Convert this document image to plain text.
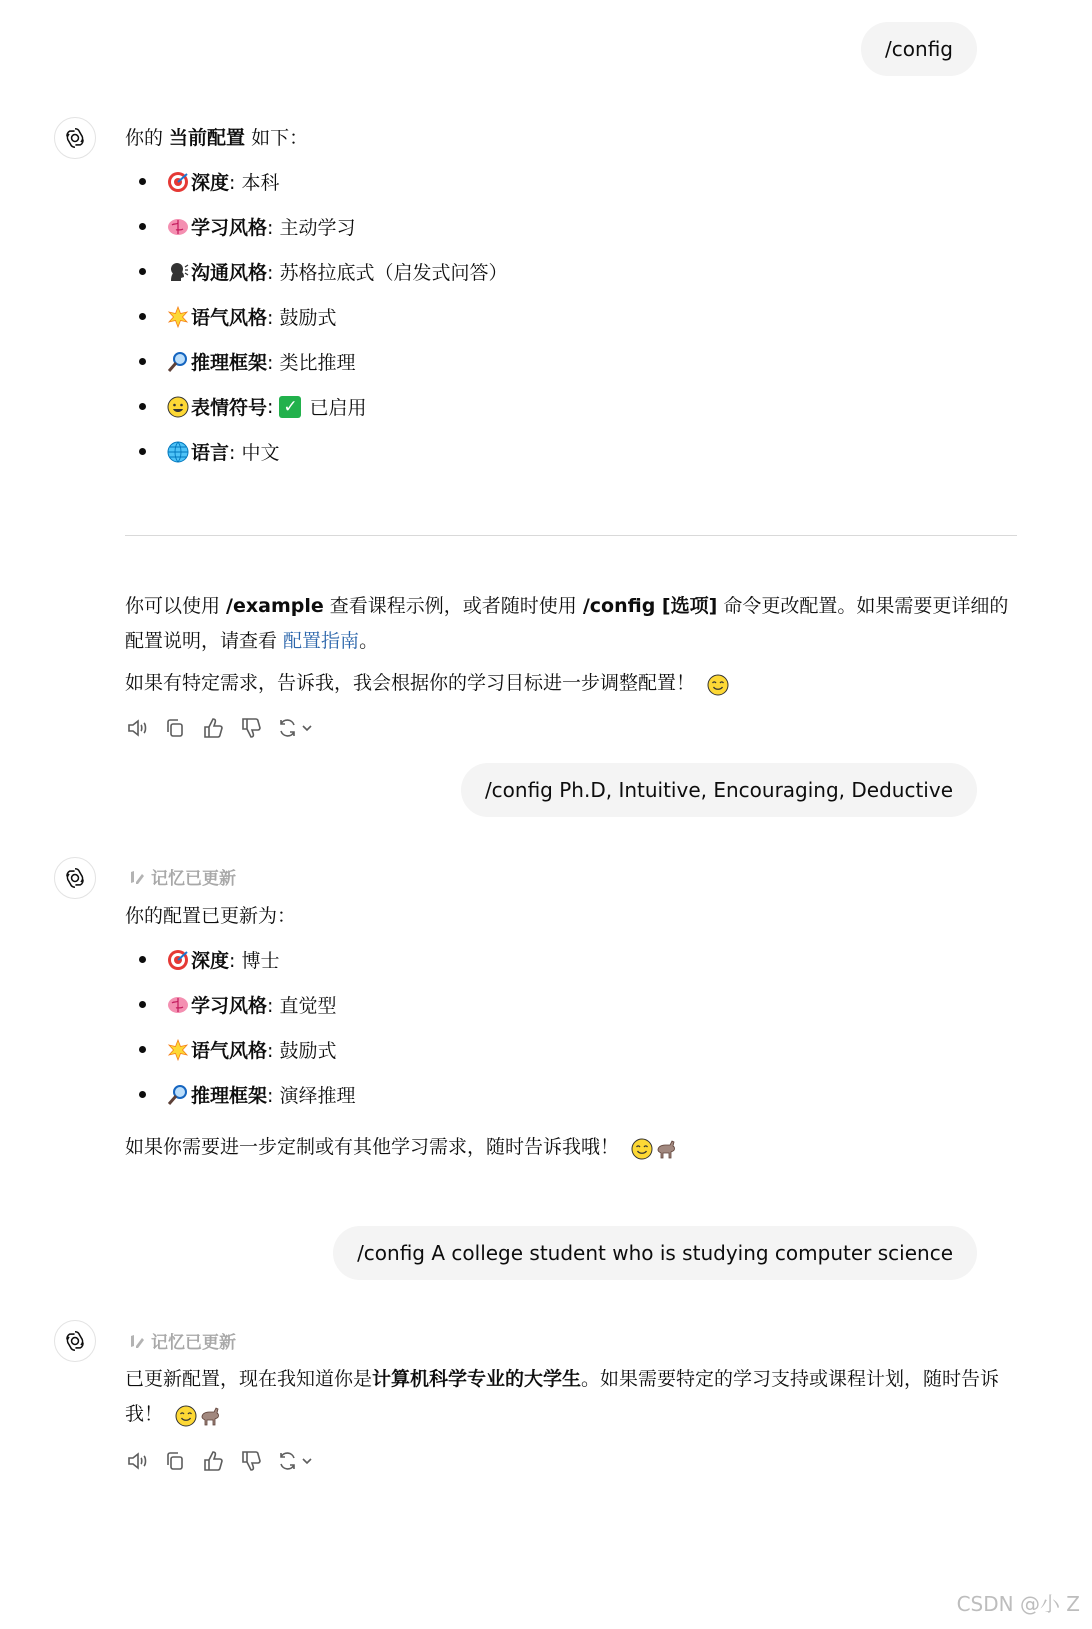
/config
你的 当前配置 如下：
深度 : 本科
学习风格 : 主动学习
沟通风格 : 苏格拉底式（启发式问答）
语气风格 : 鼓励式
推理框架 : 类比推理
表情符号 : ✓ 已启用
语言 : 中文
你可以使用 /example 查看课程示例，或者随时使用 /config [选项] 命令更改配置。如果需要更详细的配置说明，请查看 配置指南。
如果有特定需求，告诉我，我会根据你的学习目标进一步调整配置！
/config Ph.D, Intuitive, Encouraging, Deductive
记忆已更新
你的配置已更新为：
深度 : 博士
学习风格 : 直觉型
语气风格 : 鼓励式
推理框架 : 演绎推理
如果你需要进一步定制或有其他学习需求，随时告诉我哦！
/config A college student who is studying computer science
记忆已更新
已更新配置，现在我知道你是计算机科学专业的大学生。如果需要特定的学习支持或课程计划，随时告诉我！
CSDN @小 Z
